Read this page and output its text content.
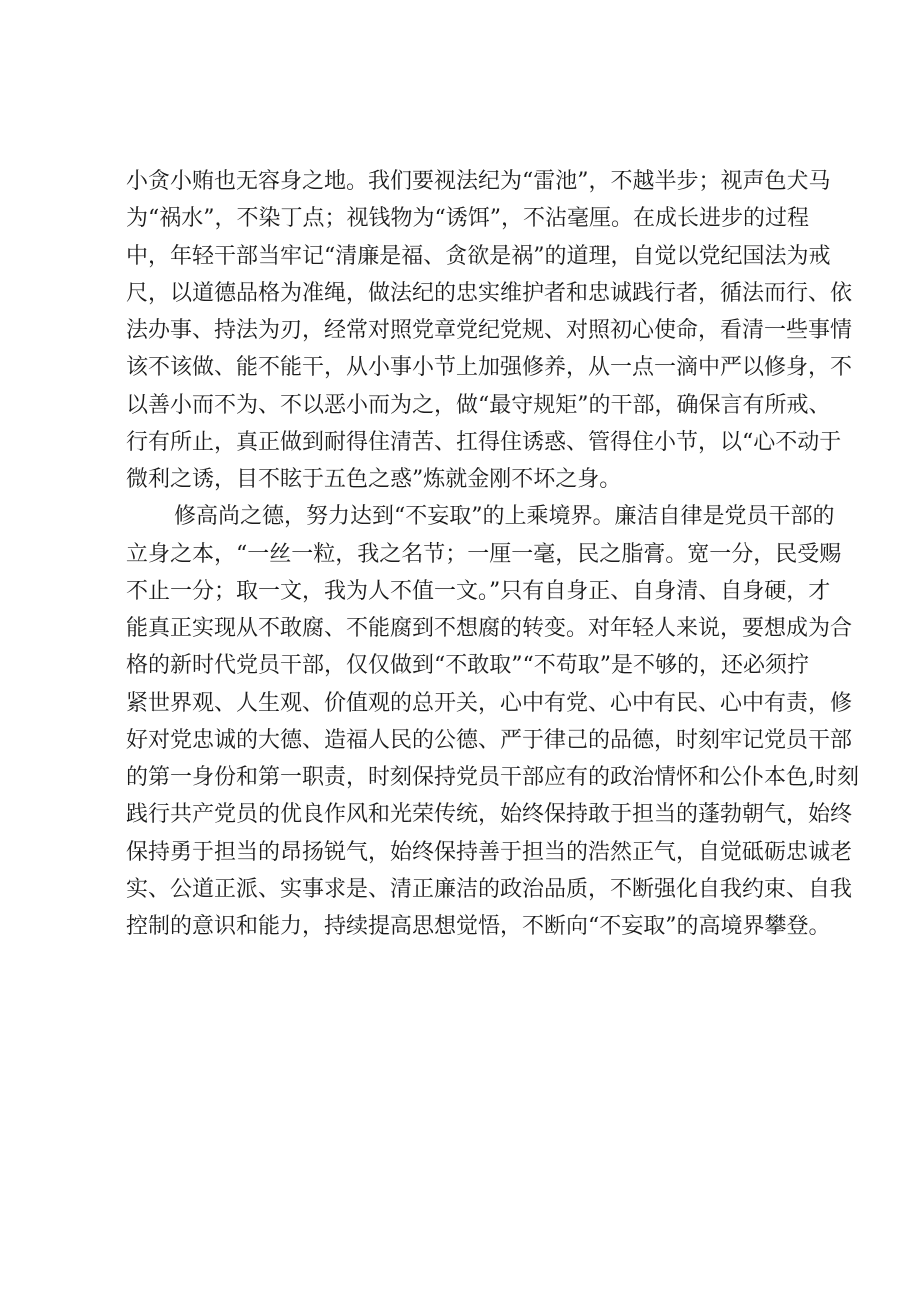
小贪小贿也无容身之地。我们要视法纪为“雷池”，不越半步；视声色犬马
为“祸水”，不染丁点；视钱物为“诱饵”，不沾毫厘。在成长进步的过程
中，年轻干部当牢记“清廉是福、贪欲是祸”的道理，自觉以党纪国法为戒
尺，以道德品格为准绳，做法纪的忠实维护者和忠诚践行者，循法而行、依
法办事、持法为刃，经常对照党章党纪党规、对照初心使命，看清一些事情
该不该做、能不能干，从小事小节上加强修养，从一点一滴中严以修身，不
以善小而不为、不以恶小而为之，做“最守规矩”的干部，确保言有所戒、
行有所止，真正做到耐得住清苦、扛得住诱惑、管得住小节，以“心不动于
微利之诱，目不眩于五色之惑”炼就金刚不坏之身。
修高尚之德，努力达到“不妄取”的上乘境界。廉洁自律是党员干部的
立身之本，“一丝一粒，我之名节；一厘一毫，民之脂膏。宽一分，民受赐
不止一分；取一文，我为人不值一文。”只有自身正、自身清、自身硬，才
能真正实现从不敢腐、不能腐到不想腐的转变。对年轻人来说，要想成为合
格的新时代党员干部，仅仅做到“不敢取”“不苟取”是不够的，还必须拧
紧世界观、人生观、价值观的总开关，心中有党、心中有民、心中有责，修
好对党忠诚的大德、造福人民的公德、严于律己的品德，时刻牢记党员干部
的第一身份和第一职责，时刻保持党员干部应有的政治情怀和公仆本色,时刻
践行共产党员的优良作风和光荣传统，始终保持敢于担当的蓬勃朝气，始终
保持勇于担当的昂扬锐气，始终保持善于担当的浩然正气，自觉砥砺忠诚老
实、公道正派、实事求是、清正廉洁的政治品质，不断强化自我约束、自我
控制的意识和能力，持续提高思想觉悟，不断向“不妄取”的高境界攀登。
